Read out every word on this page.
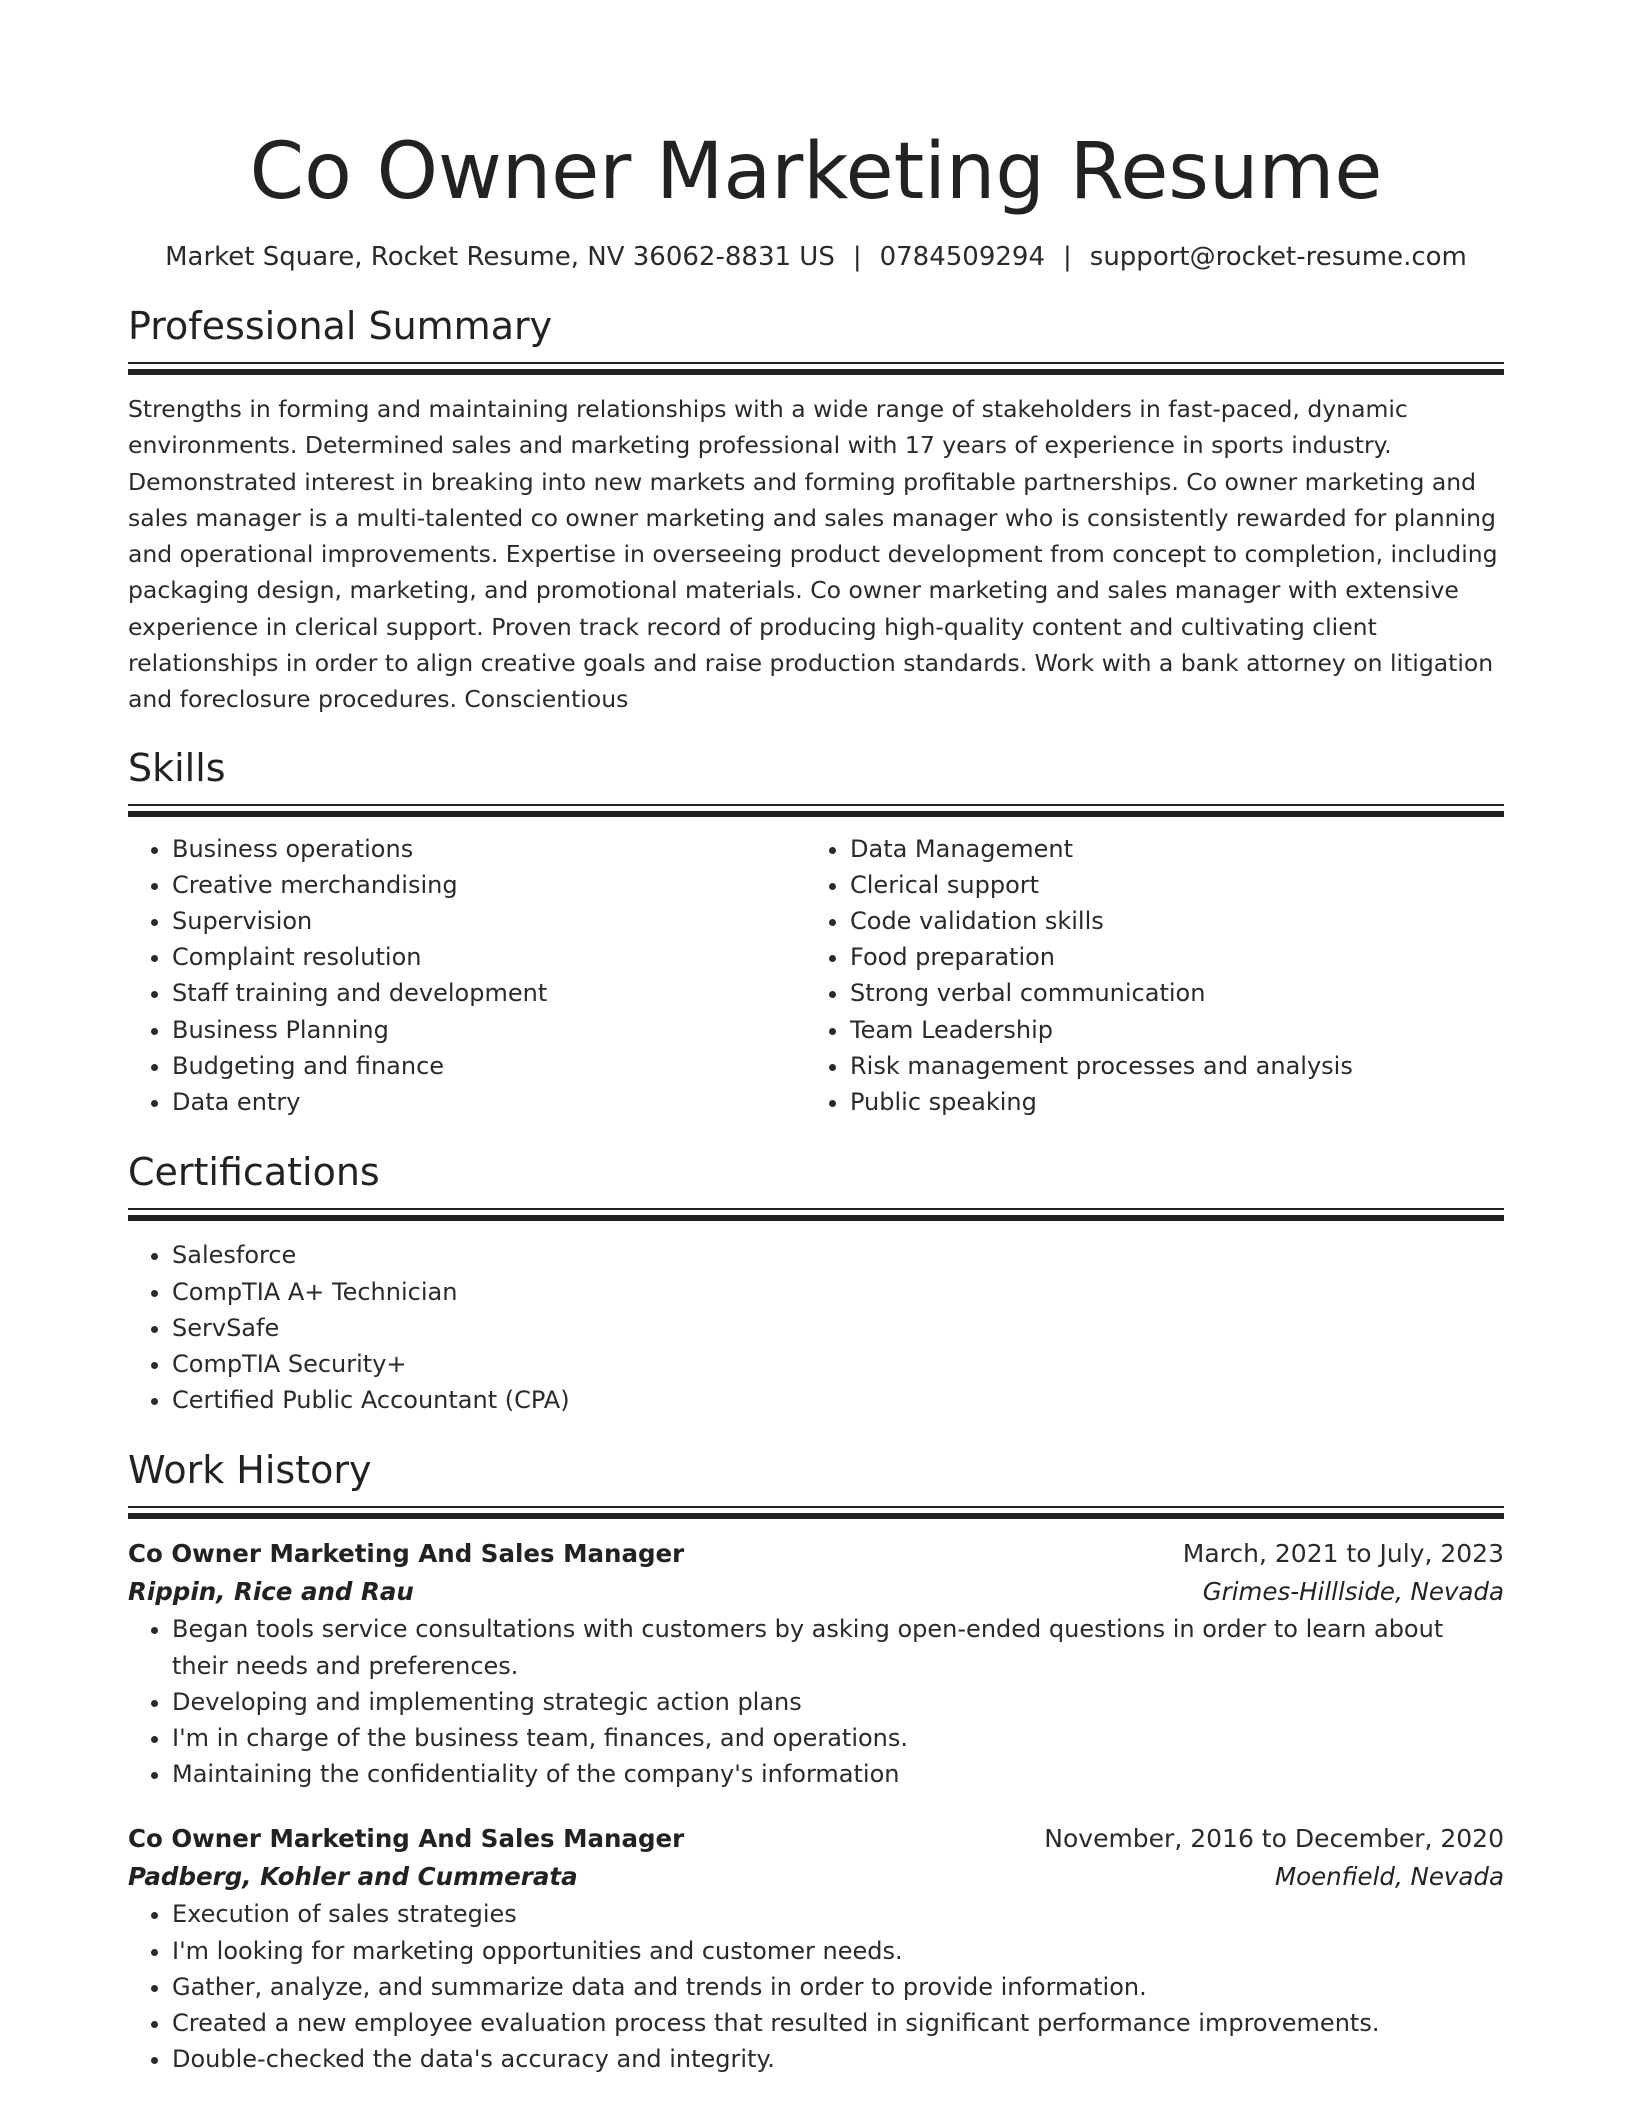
Co Owner Marketing Resume
Market Square, Rocket Resume, NV 36062-8831 US | 0784509294 | support@rocket-resume.com
Professional Summary

Strengths in forming and maintaining relationships with a wide range of stakeholders in fast-paced, dynamic environments. Determined sales and marketing professional with 17 years of experience in sports industry. Demonstrated interest in breaking into new markets and forming profitable partnerships. Co owner marketing and sales manager is a multi-talented co owner marketing and sales manager who is consistently rewarded for planning and operational improvements. Expertise in overseeing product development from concept to completion, including packaging design, marketing, and promotional materials. Co owner marketing and sales manager with extensive experience in clerical support. Proven track record of producing high-quality content and cultivating client relationships in order to align creative goals and raise production standards. Work with a bank attorney on litigation and foreclosure procedures. Conscientious

Skills
• Business operations
• Creative merchandising
• Supervision
• Complaint resolution
• Staff training and development
• Business Planning
• Budgeting and finance
• Data entry
• Data Management
• Clerical support
• Code validation skills
• Food preparation
• Strong verbal communication
• Team Leadership
• Risk management processes and analysis
• Public speaking
Certifications
• Salesforce
• CompTIA A+ Technician
• ServSafe
• CompTIA Security+
• Certified Public Accountant (CPA)
Work History
Co Owner Marketing And Sales Manager	March, 2021 to July, 2023
Rippin, Rice and Rau	Grimes-Hilllside, Nevada
• Began tools service consultations with customers by asking open-ended questions in order to learn about their needs and preferences.
• Developing and implementing strategic action plans
• I'm in charge of the business team, finances, and operations.
• Maintaining the confidentiality of the company's information
Co Owner Marketing And Sales Manager	November, 2016 to December, 2020
Padberg, Kohler and Cummerata	Moenfield, Nevada
• Execution of sales strategies
• I'm looking for marketing opportunities and customer needs.
• Gather, analyze, and summarize data and trends in order to provide information.
• Created a new employee evaluation process that resulted in significant performance improvements.
• Double-checked the data's accuracy and integrity.
